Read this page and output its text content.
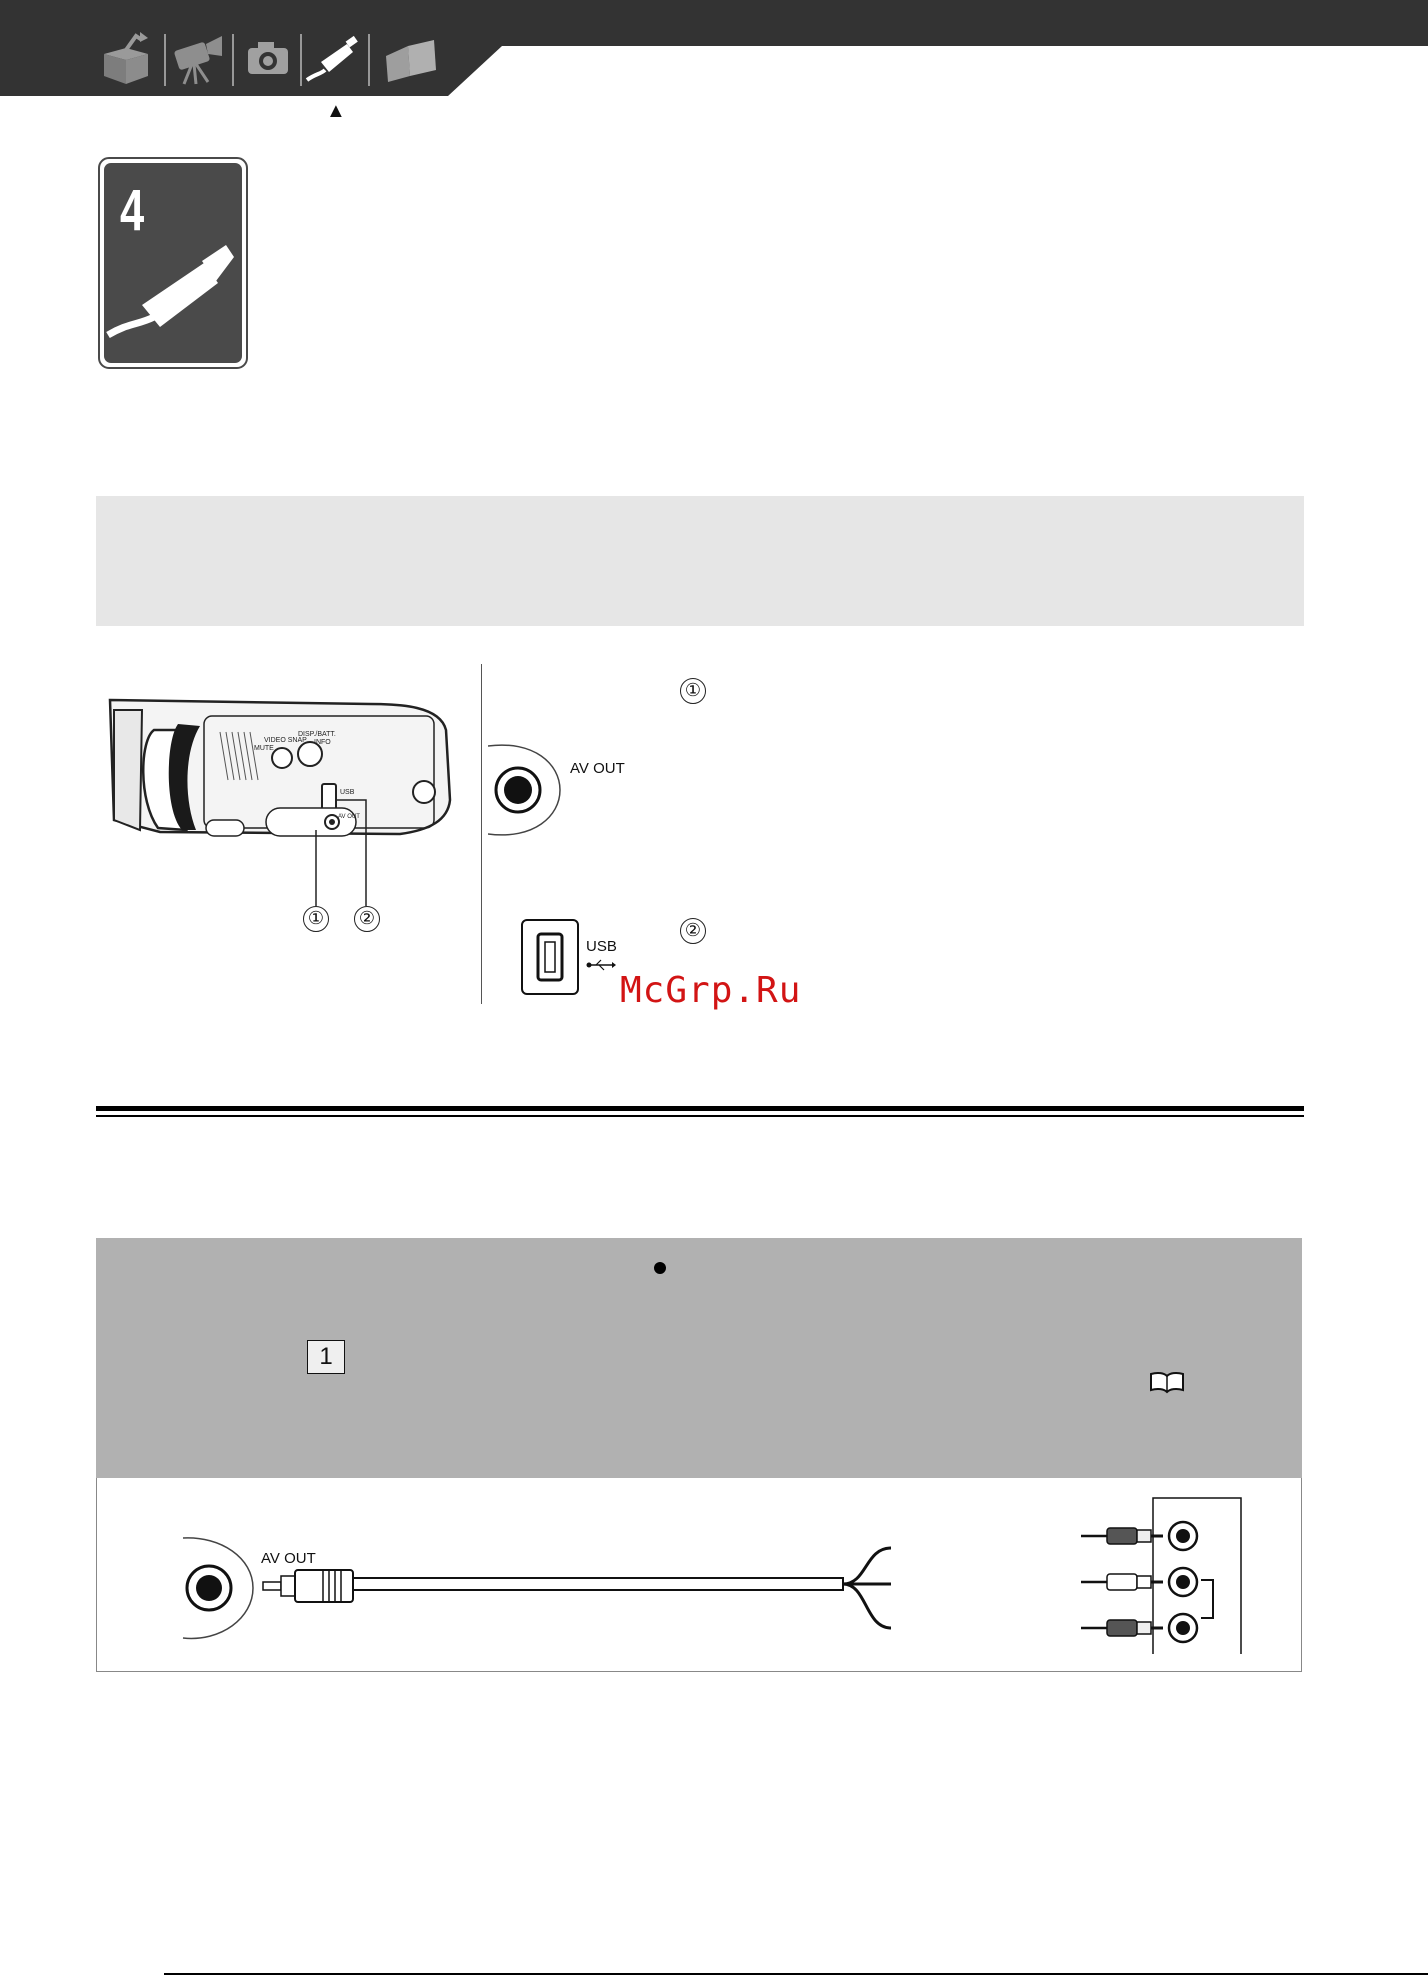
▲
4
VIDEO SNAP
MUTE
DISP./BATT.
INFO
USB
AV OUT
① ②
①
AV OUT
②
USB
McGrp.Ru
1
AV OUT
